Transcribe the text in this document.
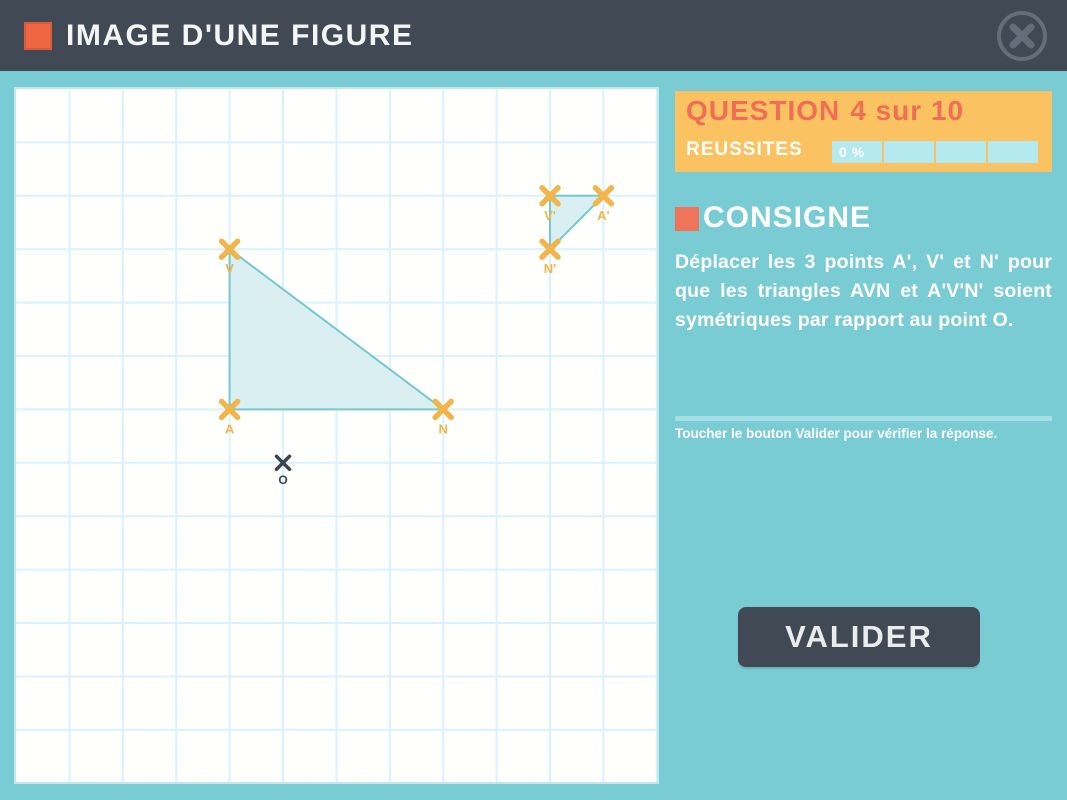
IMAGE D'UNE FIGURE
V
A	N
V'	A'
N'
O
QUESTION 4 sur 10
REUSSITES	0 %
CONSIGNE

Déplacer les 3 points A', V' et N' pour que les triangles AVN et A'V'N' soient symétriques par rapport au point O.

Toucher le bouton Valider pour vérifier la réponse.
VALIDER
